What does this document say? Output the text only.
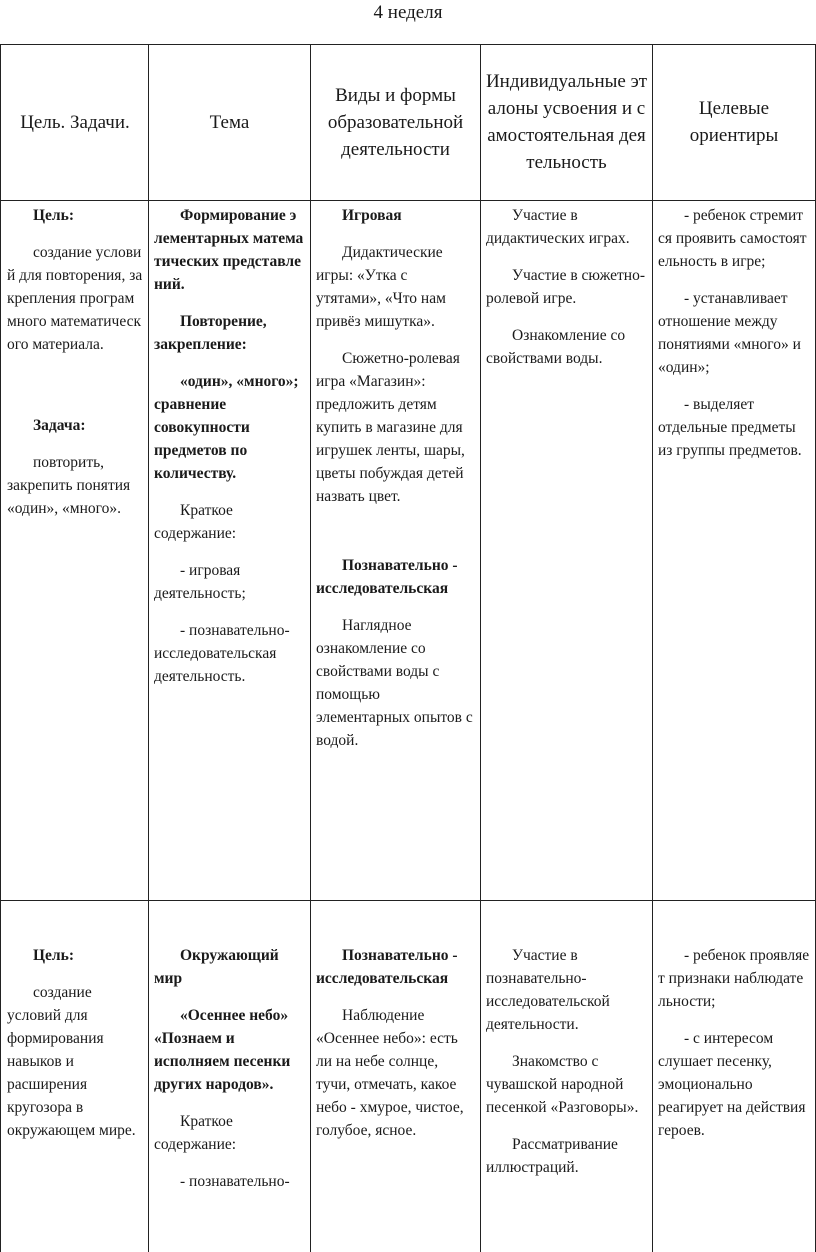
4 неделя
Цель. Задачи.	Тема
Виды и формы образовательной деятельности
Индивидуальные эталоны усвоения и самостоятельная деятельность
Целевые ориентиры

Цель:

создание условий для повторения, закрепления программного математического материала.

Задача:

повторить, закрепить понятия «один», «много».

Формирование элементарных математических представлений.

Повторение, закрепление:

«один», «много»; сравнение совокупности предметов по количеству.

Краткое содержание:

- игровая деятельность;

- познавательно-исследовательская деятельность.

Игровая

Дидактические игры: «Утка с утятами», «Что нам привёз мишутка».

Сюжетно-ролевая игра «Магазин»: предложить детям купить в магазине для игрушек ленты, шары, цветы побуждая детей назвать цвет.

Познавательно - исследовательская

Наглядное ознакомление со свойствами воды с помощью элементарных опытов с водой.

Участие в дидактических играх.

Участие в сюжетно-ролевой игре.

Ознакомление со свойствами воды.

- ребенок стремится проявить самостоятельность в игре;

- устанавливает отношение между понятиями «много» и «один»;

- выделяет отдельные предметы из группы предметов.

Цель:

создание условий для формирования навыков и расширения кругозора в окружающем мире.

Окружающий мир

«Осеннее небо» «Познаем и исполняем песенки других народов».

Краткое содержание:

- познавательно-

Познавательно - исследовательская

Наблюдение «Осеннее небо»: есть ли на небе солнце, тучи, отмечать, какое небо - хмурое, чистое, голубое, ясное.

Участие в познавательно-исследовательской деятельности.

Знакомство с чувашской народной песенкой «Разговоры».

Рассматривание иллюстраций.

- ребенок проявляет признаки наблюдательности;

- с интересом слушает песенку, эмоционально реагирует на действия героев.
